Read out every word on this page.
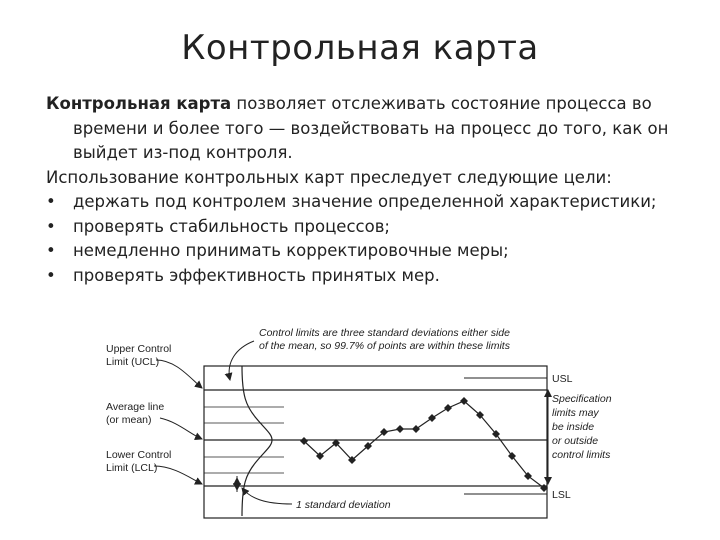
Контрольная карта

Контрольная карта позволяет отслеживать состояние процесса во времени и более того — воздействовать на процесс до того, как он выйдет из-под контроля.

Использование контрольных карт преследует следующие цели:

• держать под контролем значение определенной характеристики;
• проверять стабильность процессов;
• немедленно принимать корректировочные меры;
• проверять эффективность принятых мер.
Upper Control
Limit (UCL)
Average line
(or mean)
Lower Control
Limit (LCL)
Control limits are three standard deviations either side
of the mean, so 99.7% of points are within these limits
USL
LSL
Specification
limits may
be inside
or outside
control limits
1 standard deviation
